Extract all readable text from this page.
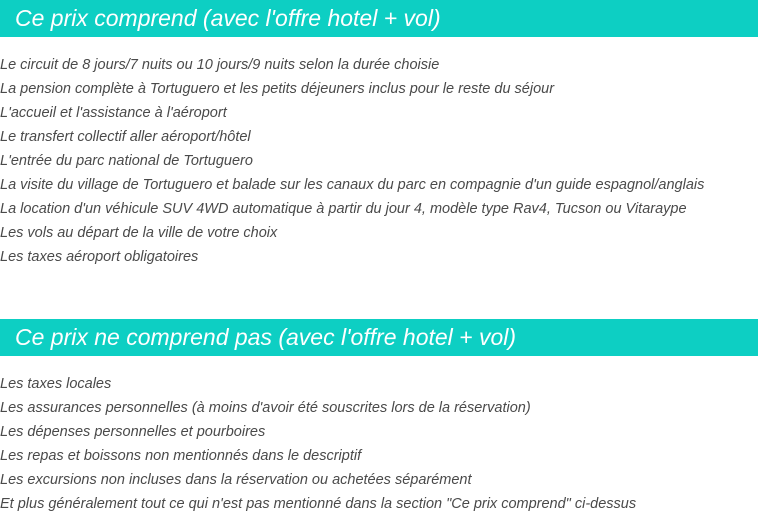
Ce prix comprend (avec l'offre hotel + vol)
Le circuit de 8 jours/7 nuits ou 10 jours/9 nuits selon la durée choisie
La pension complète à Tortuguero et les petits déjeuners inclus pour le reste du séjour
L'accueil et l'assistance à l'aéroport
Le transfert collectif aller aéroport/hôtel
L'entrée du parc national de Tortuguero
La visite du village de Tortuguero et balade sur les canaux du parc en compagnie d'un guide espagnol/anglais
La location d'un véhicule SUV 4WD automatique à partir du jour 4, modèle type Rav4, Tucson ou Vitaraype
Les vols au départ de la ville de votre choix
Les taxes aéroport obligatoires
Ce prix ne comprend pas (avec l'offre hotel + vol)
Les taxes locales
Les assurances personnelles (à moins d'avoir été souscrites lors de la réservation)
Les dépenses personnelles et pourboires
Les repas et boissons non mentionnés dans le descriptif
Les excursions non incluses dans la réservation ou achetées séparément
Et plus généralement tout ce qui n'est pas mentionné dans la section "Ce prix comprend" ci-dessus
